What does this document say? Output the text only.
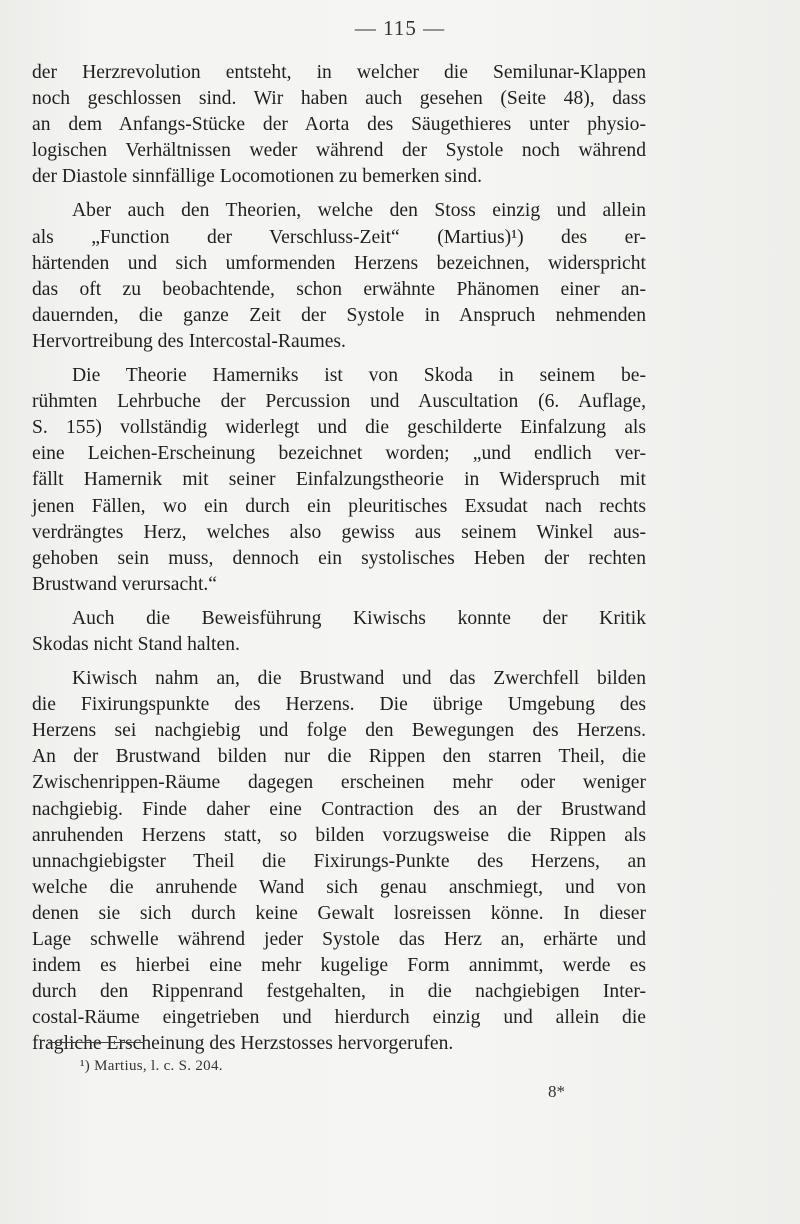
— 115 —
der Herzrevolution entsteht, in welcher die Semilunar-Klappen
noch geschlossen sind. Wir haben auch gesehen (Seite 48), dass
an dem Anfangs-Stücke der Aorta des Säugethieres unter physio-
logischen Verhältnissen weder während der Systole noch während
der Diastole sinnfällige Locomotionen zu bemerken sind.
Aber auch den Theorien, welche den Stoss einzig und allein
als „Function der Verschluss-Zeit“ (Martius)¹) des er-
härtenden und sich umformenden Herzens bezeichnen, widerspricht
das oft zu beobachtende, schon erwähnte Phänomen einer an-
dauernden, die ganze Zeit der Systole in Anspruch nehmenden
Hervortreibung des Intercostal-Raumes.
Die Theorie Hamerniks ist von Skoda in seinem be-
rühmten Lehrbuche der Percussion und Auscultation (6. Auflage,
S. 155) vollständig widerlegt und die geschilderte Einfalzung als
eine Leichen-Erscheinung bezeichnet worden; „und endlich ver-
fällt Hamernik mit seiner Einfalzungstheorie in Widerspruch mit
jenen Fällen, wo ein durch ein pleuritisches Exsudat nach rechts
verdrängtes Herz, welches also gewiss aus seinem Winkel aus-
gehoben sein muss, dennoch ein systolisches Heben der rechten
Brustwand verursacht.“
Auch die Beweisführung Kiwischs konnte der Kritik
Skodas nicht Stand halten.
Kiwisch nahm an, die Brustwand und das Zwerchfell bilden
die Fixirungspunkte des Herzens. Die übrige Umgebung des
Herzens sei nachgiebig und folge den Bewegungen des Herzens.
An der Brustwand bilden nur die Rippen den starren Theil, die
Zwischenrippen-Räume dagegen erscheinen mehr oder weniger
nachgiebig. Finde daher eine Contraction des an der Brustwand
anruhenden Herzens statt, so bilden vorzugsweise die Rippen als
unnachgiebigster Theil die Fixirungs-Punkte des Herzens, an
welche die anruhende Wand sich genau anschmiegt, und von
denen sie sich durch keine Gewalt losreissen könne. In dieser
Lage schwelle während jeder Systole das Herz an, erhärte und
indem es hierbei eine mehr kugelige Form annimmt, werde es
durch den Rippenrand festgehalten, in die nachgiebigen Inter-
costal-Räume eingetrieben und hierdurch einzig und allein die
fragliche Erscheinung des Herzstosses hervorgerufen.
¹) Martius, l. c. S. 204.
8*
